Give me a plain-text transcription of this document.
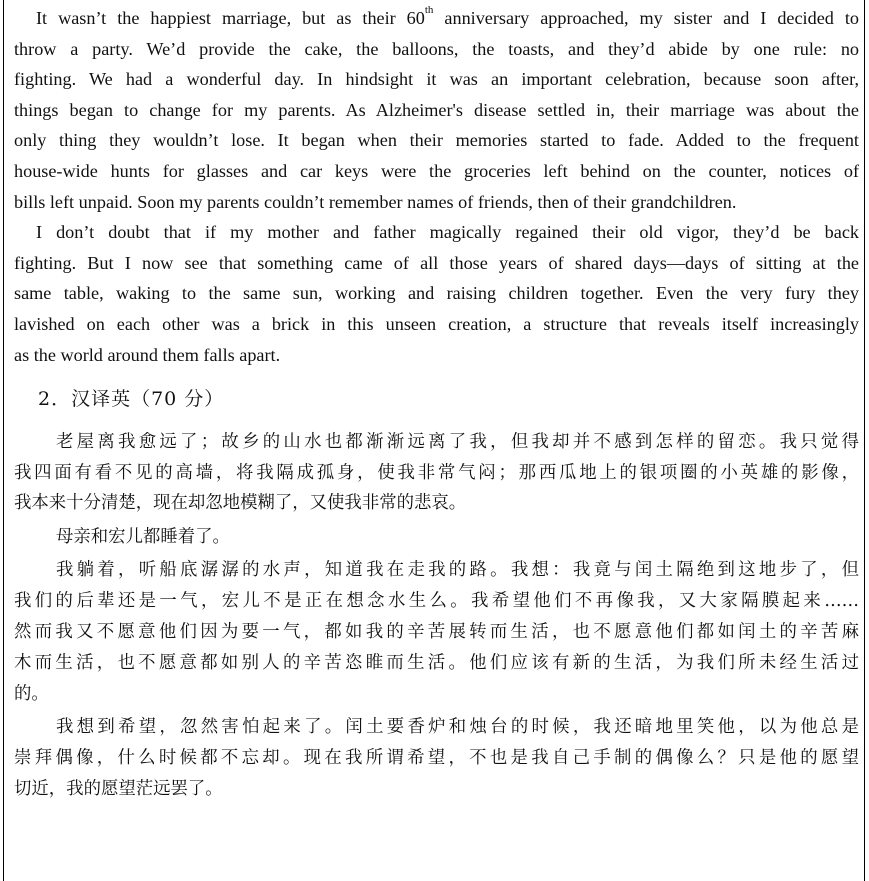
It wasn’t the happiest marriage, but as their 60th anniversary approached, my sister and I decided to

throw a party. We’d provide the cake, the balloons, the toasts, and they’d abide by one rule: no

fighting. We had a wonderful day. In hindsight it was an important celebration, because soon after,

things began to change for my parents. As Alzheimer's disease settled in, their marriage was about the

only thing they wouldn’t lose. It began when their memories started to fade. Added to the frequent

house-wide hunts for glasses and car keys were the groceries left behind on the counter, notices of

bills left unpaid. Soon my parents couldn’t remember names of friends, then of their grandchildren.

I don’t doubt that if my mother and father magically regained their old vigor, they’d be back

fighting. But I now see that something came of all those years of shared days—days of sitting at the

same table, waking to the same sun, working and raising children together. Even the very fury they

lavished on each other was a brick in this unseen creation, a structure that reveals itself increasingly

as the world around them falls apart.

2．汉译英（70 分）

老屋离我愈远了；故乡的山水也都渐渐远离了我，但我却并不感到怎样的留恋。我只觉得

我四面有看不见的高墙，将我隔成孤身，使我非常气闷；那西瓜地上的银项圈的小英雄的影像，

我本来十分清楚，现在却忽地模糊了，又使我非常的悲哀。

母亲和宏儿都睡着了。

我躺着，听船底潺潺的水声，知道我在走我的路。我想：我竟与闰土隔绝到这地步了，但

我们的后辈还是一气，宏儿不是正在想念水生么。我希望他们不再像我，又大家隔膜起来……

然而我又不愿意他们因为要一气，都如我的辛苦展转而生活，也不愿意他们都如闰土的辛苦麻

木而生活，也不愿意都如别人的辛苦恣睢而生活。他们应该有新的生活，为我们所未经生活过

的。

我想到希望，忽然害怕起来了。闰土要香炉和烛台的时候，我还暗地里笑他，以为他总是

崇拜偶像，什么时候都不忘却。现在我所谓希望，不也是我自己手制的偶像么？只是他的愿望

切近，我的愿望茫远罢了。
